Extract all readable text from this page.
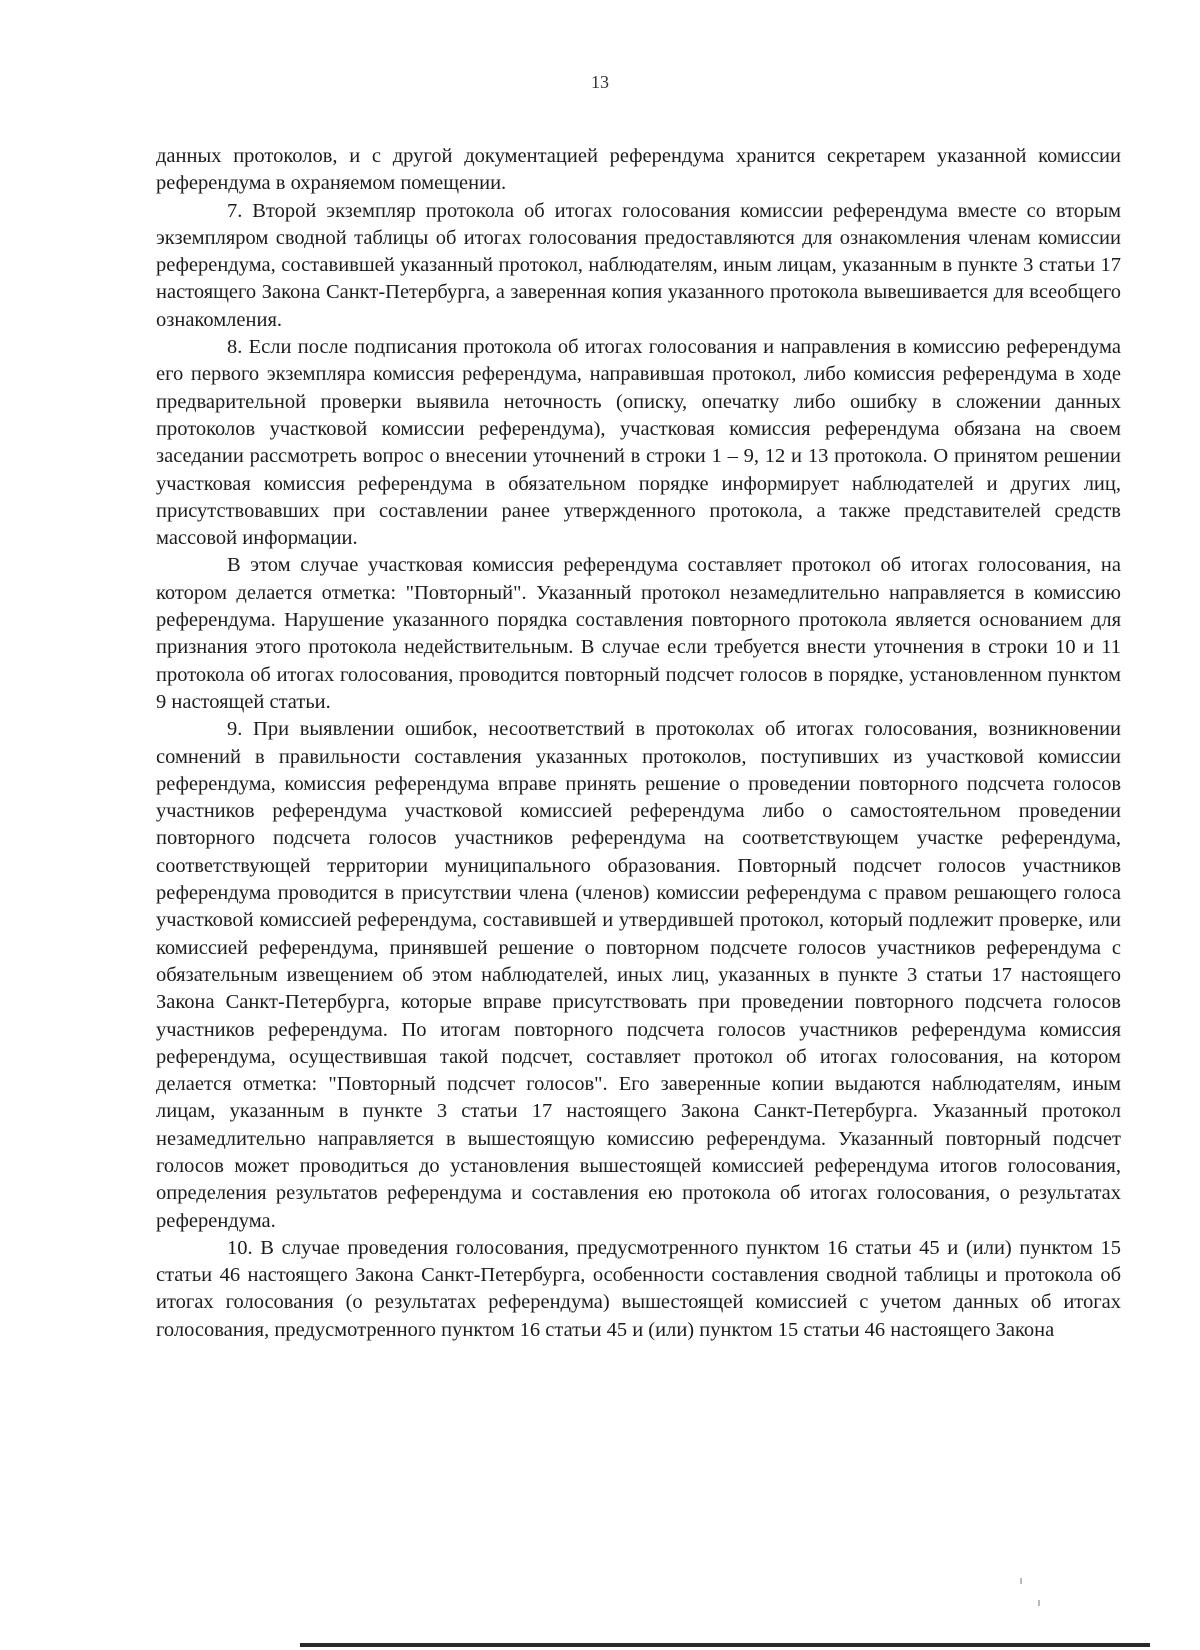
13

данных протоколов, и с другой документацией референдума хранится секретарем указанной комиссии референдума в охраняемом помещении.

7. Второй экземпляр протокола об итогах голосования комиссии референдума вместе со вторым экземпляром сводной таблицы об итогах голосования предоставляются для ознакомления членам комиссии референдума, составившей указанный протокол, наблюдателям, иным лицам, указанным в пункте 3 статьи 17 настоящего Закона Санкт-Петербурга, а заверенная копия указанного протокола вывешивается для всеобщего ознакомления.

8. Если после подписания протокола об итогах голосования и направления в комиссию референдума его первого экземпляра комиссия референдума, направившая протокол, либо комиссия референдума в ходе предварительной проверки выявила неточность (описку, опечатку либо ошибку в сложении данных протоколов участковой комиссии референдума), участковая комиссия референдума обязана на своем заседании рассмотреть вопрос о внесении уточнений в строки 1 – 9, 12 и 13 протокола. О принятом решении участковая комиссия референдума в обязательном порядке информирует наблюдателей и других лиц, присутствовавших при составлении ранее утвержденного протокола, а также представителей средств массовой информации.

В этом случае участковая комиссия референдума составляет протокол об итогах голосования, на котором делается отметка: "Повторный". Указанный протокол незамедлительно направляется в комиссию референдума. Нарушение указанного порядка составления повторного протокола является основанием для признания этого протокола недействительным. В случае если требуется внести уточнения в строки 10 и 11 протокола об итогах голосования, проводится повторный подсчет голосов в порядке, установленном пунктом 9 настоящей статьи.

9. При выявлении ошибок, несоответствий в протоколах об итогах голосования, возникновении сомнений в правильности составления указанных протоколов, поступивших из участковой комиссии референдума, комиссия референдума вправе принять решение о проведении повторного подсчета голосов участников референдума участковой комиссией референдума либо о самостоятельном проведении повторного подсчета голосов участников референдума на соответствующем участке референдума, соответствующей территории муниципального образования. Повторный подсчет голосов участников референдума проводится в присутствии члена (членов) комиссии референдума с правом решающего голоса участковой комиссией референдума, составившей и утвердившей протокол, который подлежит проверке, или комиссией референдума, принявшей решение о повторном подсчете голосов участников референдума с обязательным извещением об этом наблюдателей, иных лиц, указанных в пункте 3 статьи 17 настоящего Закона Санкт-Петербурга, которые вправе присутствовать при проведении повторного подсчета голосов участников референдума. По итогам повторного подсчета голосов участников референдума комиссия референдума, осуществившая такой подсчет, составляет протокол об итогах голосования, на котором делается отметка: "Повторный подсчет голосов". Его заверенные копии выдаются наблюдателям, иным лицам, указанным в пункте 3 статьи 17 настоящего Закона Санкт-Петербурга. Указанный протокол незамедлительно направляется в вышестоящую комиссию референдума. Указанный повторный подсчет голосов может проводиться до установления вышестоящей комиссией референдума итогов голосования, определения результатов референдума и составления ею протокола об итогах голосования, о результатах референдума.

10. В случае проведения голосования, предусмотренного пунктом 16 статьи 45 и (или) пунктом 15 статьи 46 настоящего Закона Санкт-Петербурга, особенности составления сводной таблицы и протокола об итогах голосования (о результатах референдума) вышестоящей комиссией с учетом данных об итогах голосования, предусмотренного пунктом 16 статьи 45 и (или) пунктом 15 статьи 46 настоящего Закона
